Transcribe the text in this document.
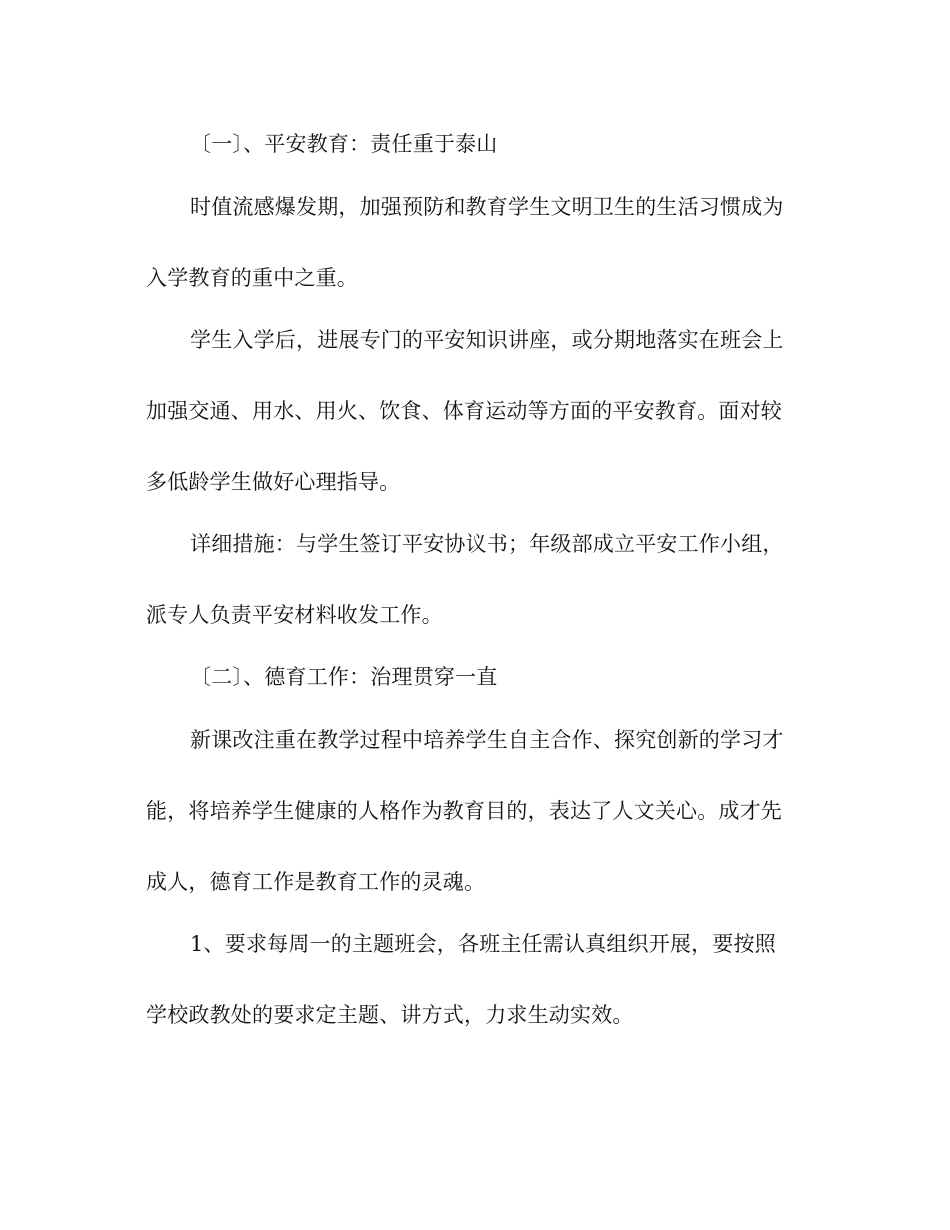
〔一〕、平安教育：责任重于泰山
时值流感爆发期，加强预防和教育学生文明卫生的生活习惯成为
入学教育的重中之重。
学生入学后，进展专门的平安知识讲座，或分期地落实在班会上
加强交通、用水、用火、饮食、体育运动等方面的平安教育。面对较
多低龄学生做好心理指导。
详细措施：与学生签订平安协议书；年级部成立平安工作小组，
派专人负责平安材料收发工作。
〔二〕、德育工作：治理贯穿一直
新课改注重在教学过程中培养学生自主合作、探究创新的学习才
能，将培养学生健康的人格作为教育目的，表达了人文关心。成才先
成人，德育工作是教育工作的灵魂。
1、要求每周一的主题班会，各班主任需认真组织开展，要按照
学校政教处的要求定主题、讲方式，力求生动实效。
